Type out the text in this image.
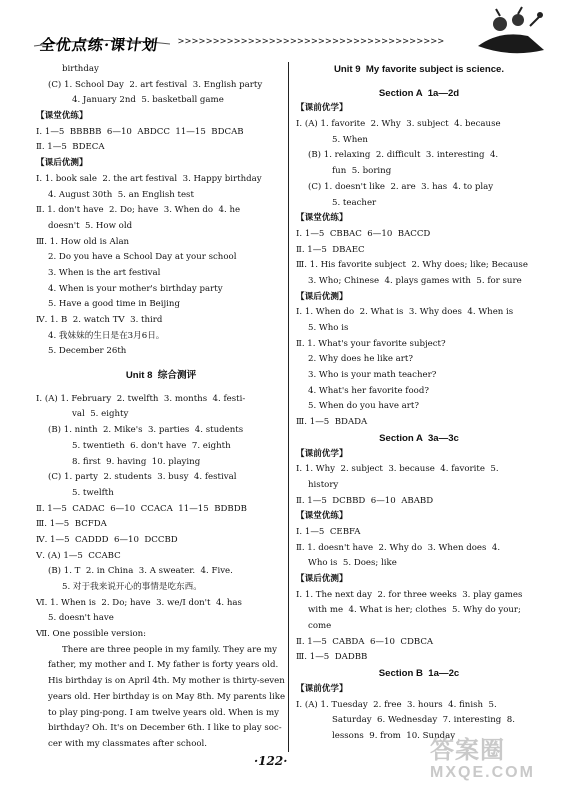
全优点练·课计划 >>>>>>>>>>>>>>>>>>>>>>>>>>>>>>>>>>>>>>
birthday
(C) 1. School Day  2. art festival  3. English party
4. January 2nd  5. basketball game
【课堂优练】
Ⅰ. 1—5  BBBBB  6—10  ABDCC  11—15  BDCAB
Ⅱ. 1—5  BDECA
【课后优测】
Ⅰ. 1. book sale  2. the art festival  3. Happy birthday
4. August 30th  5. an English test
Ⅱ. 1. don't have  2. Do; have  3. When do  4. he
doesn't  5. How old
Ⅲ. 1. How old is Alan
2. Do you have a School Day at your school
3. When is the art festival
4. When is your mother's birthday party
5. Have a good time in Beijing
Ⅳ. 1. B  2. watch TV  3. third
4. 我妹妹的生日是在3月6日。
5. December 26th
Unit 8  综合测评
Ⅰ. (A) 1. February  2. twelfth  3. months  4. festi-
val  5. eighty
(B) 1. ninth  2. Mike's  3. parties  4. students
5. twentieth  6. don't have  7. eighth
8. first  9. having  10. playing
(C) 1. party  2. students  3. busy  4. festival
5. twelfth
Ⅱ. 1—5  CADAC  6—10  CCACA  11—15  BDBDB
Ⅲ. 1—5  BCFDA
Ⅳ. 1—5  CADDD  6—10  DCCBD
Ⅴ. (A) 1—5  CCABC
(B) 1. T  2. in China  3. A sweater.  4. Five.
5. 对于我来说开心的事情是吃东西。
Ⅵ. 1. When is  2. Do; have  3. we/I don't  4. has
5. doesn't have
Ⅶ. One possible version:
There are three people in my family. They are my
father, my mother and I. My father is forty years old.
His birthday is on April 4th. My mother is thirty-seven
years old. Her birthday is on May 8th. My parents like
to play ping-pong. I am twelve years old. When is my
birthday? Oh. It's on December 6th. I like to play soc-
cer with my classmates after school.
Unit 9  My favorite subject is science.
Section A  1a—2d
【课前优学】
Ⅰ. (A) 1. favorite  2. Why  3. subject  4. because
5. When
(B) 1. relaxing  2. difficult  3. interesting  4.
fun  5. boring
(C) 1. doesn't like  2. are  3. has  4. to play
5. teacher
【课堂优练】
Ⅰ. 1—5  CBBAC  6—10  BACCD
Ⅱ. 1—5  DBAEC
Ⅲ. 1. His favorite subject  2. Why does; like; Because
3. Who; Chinese  4. plays games with  5. for sure
【课后优测】
Ⅰ. 1. When do  2. What is  3. Why does  4. When is
5. Who is
Ⅱ. 1. What's your favorite subject?
2. Why does he like art?
3. Who is your math teacher?
4. What's her favorite food?
5. When do you have art?
Ⅲ. 1—5  BDADA
Section A  3a—3c
【课前优学】
Ⅰ. 1. Why  2. subject  3. because  4. favorite  5.
history
Ⅱ. 1—5  DCBBD  6—10  ABABD
【课堂优练】
Ⅰ. 1—5  CEBFA
Ⅱ. 1. doesn't have  2. Why do  3. When does  4.
Who is  5. Does; like
【课后优测】
Ⅰ. 1. The next day  2. for three weeks  3. play games
with me  4. What is her; clothes  5. Why do your;
come
Ⅱ. 1—5  CABDA  6—10  CDBCA
Ⅲ. 1—5  DADBB
Section B  1a—2c
【课前优学】
Ⅰ. (A) 1. Tuesday  2. free  3. hours  4. finish  5.
Saturday  6. Wednesday  7. interesting  8.
lessons  9. from  10. Sunday
·122·	答案圈
MXQE.COM
